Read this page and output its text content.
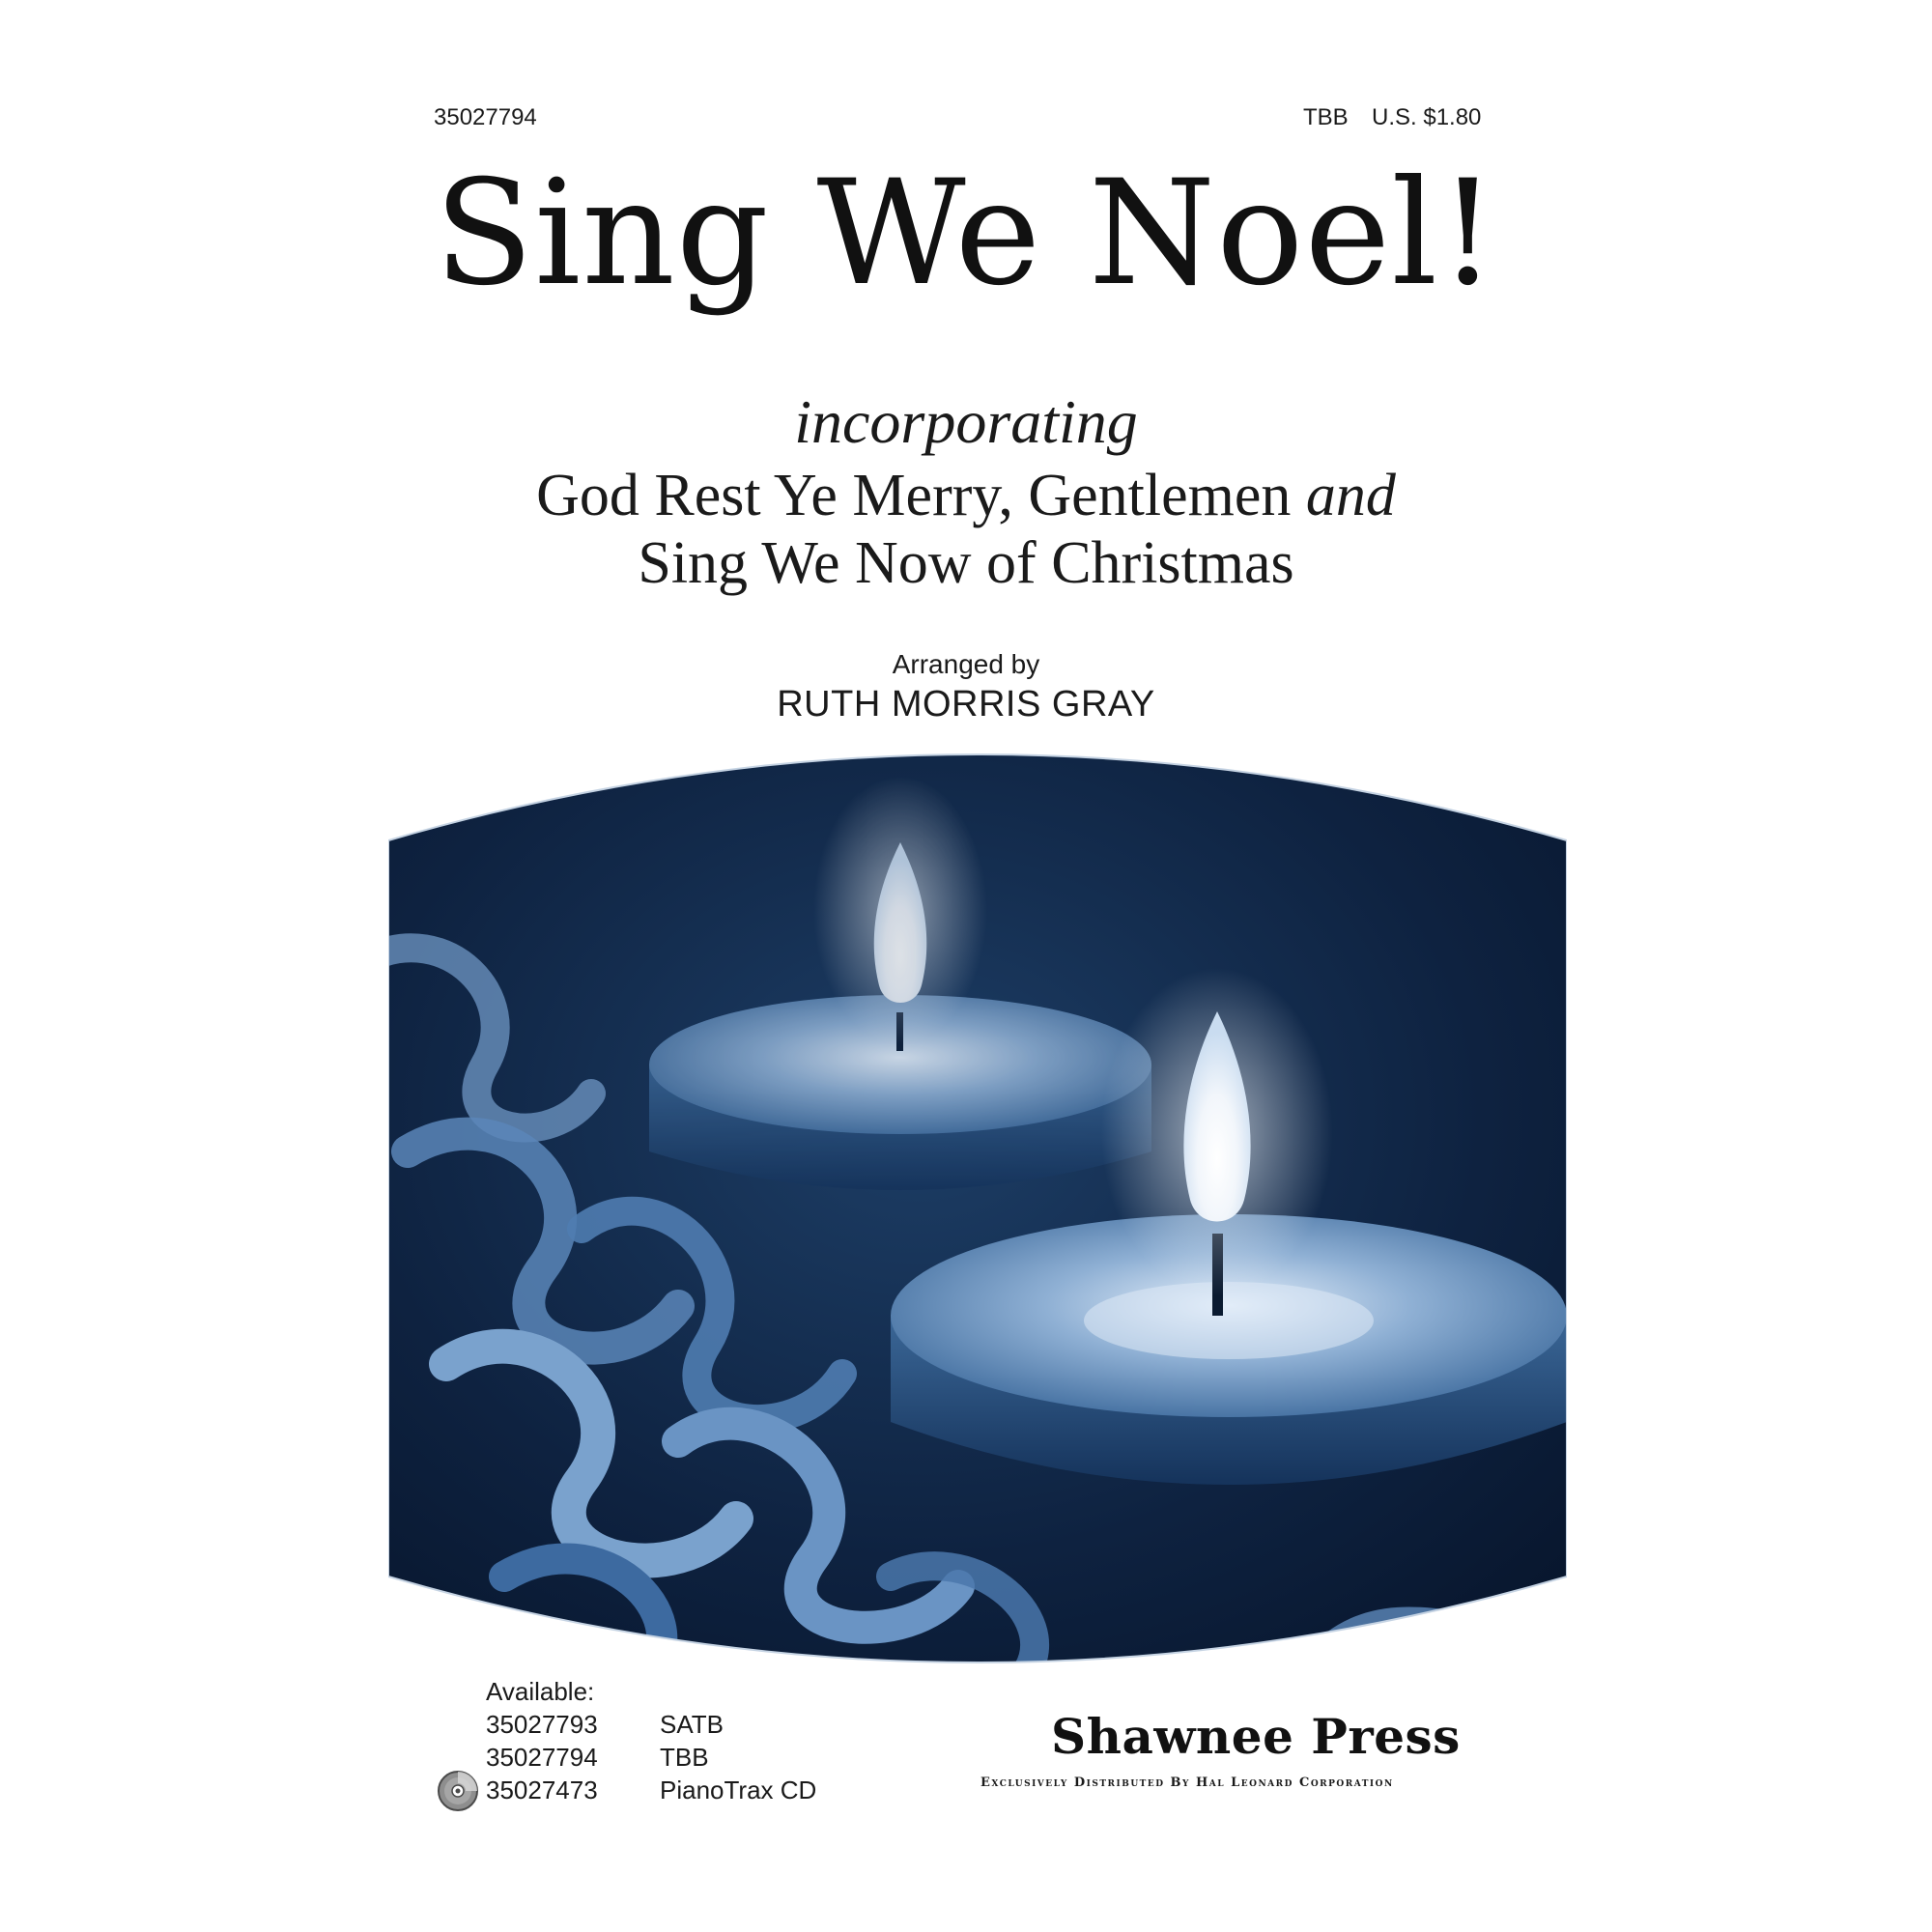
35027794	TBB U.S. $1.80
Sing We Noel!
incorporating
God Rest Ye Merry, Gentlemen and
Sing We Now of Christmas
Arranged by
RUTH MORRIS GRAY
Available:
35027793 SATB
35027794 TBB
35027473 PianoTrax CD
Shawnee Press
Exclusively Distributed By Hal Leonard Corporation
